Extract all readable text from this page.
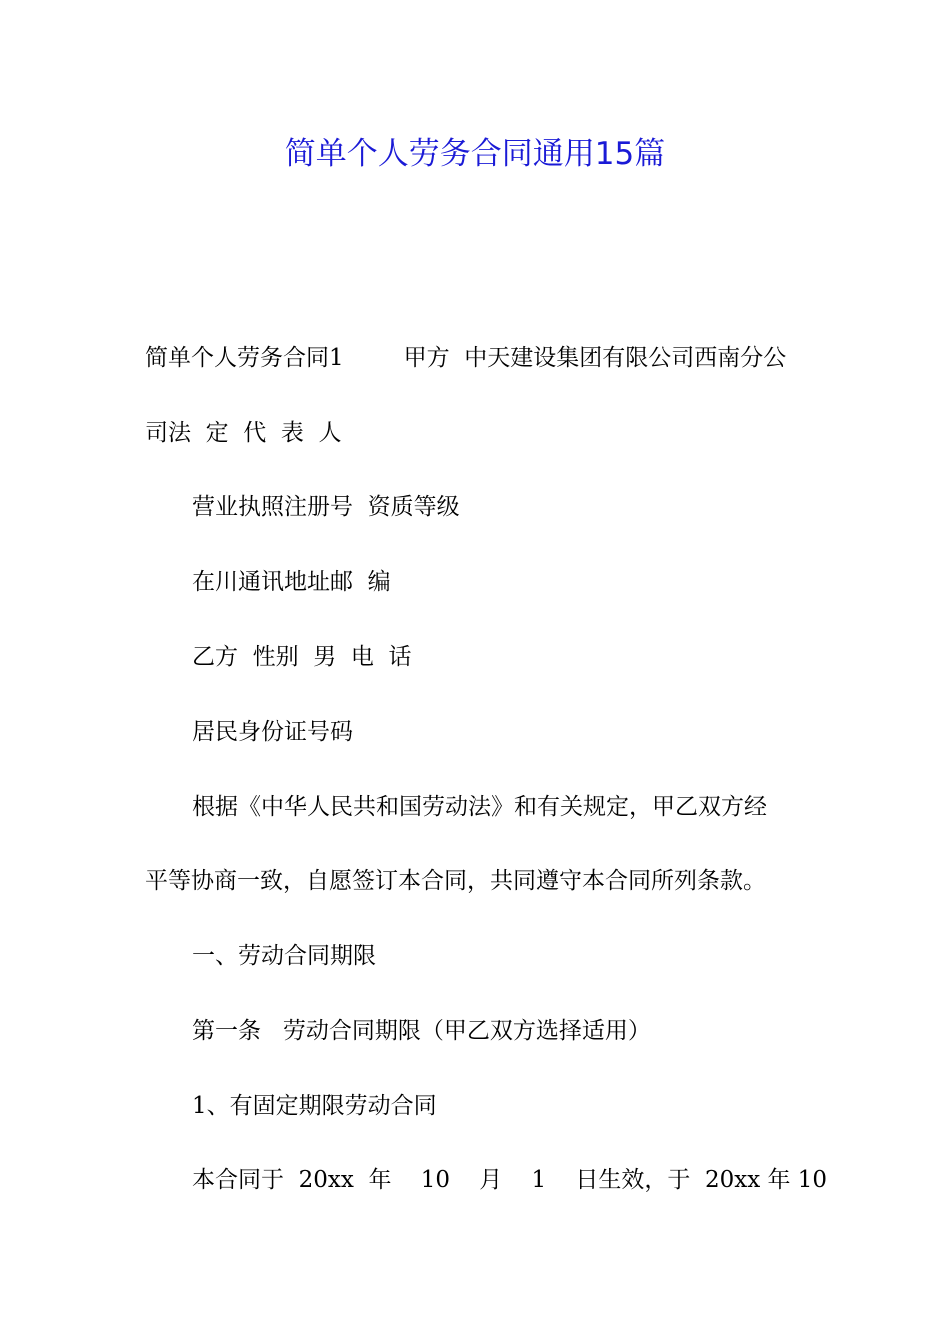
简单个人劳务合同通用15篇
简单个人劳务合同1	甲方  中天建设集团有限公司西南分公
司法  定  代  表  人
营业执照注册号  资质等级
在川通讯地址邮  编
乙方  性别  男  电  话
居民身份证号码
根据《中华人民共和国劳动法》和有关规定，甲乙双方经
平等协商一致，自愿签订本合同，共同遵守本合同所列条款。
一、劳动合同期限
第一条   劳动合同期限（甲乙双方选择适用）
1、有固定期限劳动合同
本合同于  20xx  年    10    月    1    日生效，于  20xx 年 10
